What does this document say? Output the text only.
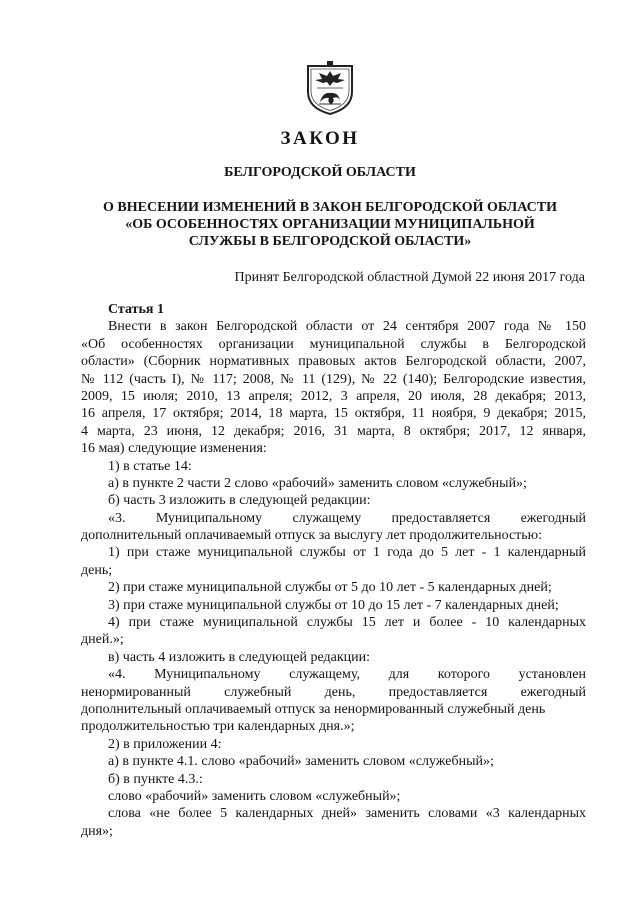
ЗАКОН
БЕЛГОРОДСКОЙ ОБЛАСТИ
О ВНЕСЕНИИ ИЗМЕНЕНИЙ В ЗАКОН БЕЛГОРОДСКОЙ ОБЛАСТИ
«ОБ ОСОБЕННОСТЯХ ОРГАНИЗАЦИИ МУНИЦИПАЛЬНОЙ
СЛУЖБЫ В БЕЛГОРОДСКОЙ ОБЛАСТИ»
Принят Белгородской областной Думой 22 июня 2017 года
Статья 1
Внести в закон Белгородской области от 24 сентября 2007 года № 150
«Об особенностях организации муниципальной службы в Белгородской
области» (Сборник нормативных правовых актов Белгородской области, 2007,
№ 112 (часть I), № 117; 2008, № 11 (129), № 22 (140); Белгородские известия,
2009, 15 июля; 2010, 13 апреля; 2012, 3 апреля, 20 июля, 28 декабря; 2013,
16 апреля, 17 октября; 2014, 18 марта, 15 октября, 11 ноября, 9 декабря; 2015,
4 марта, 23 июня, 12 декабря; 2016, 31 марта, 8 октября; 2017, 12 января,
16 мая) следующие изменения:
1) в статье 14:
а) в пункте 2 части 2 слово «рабочий» заменить словом «служебный»;
б) часть 3 изложить в следующей редакции:
«3. Муниципальному служащему предоставляется ежегодный
дополнительный оплачиваемый отпуск за выслугу лет продолжительностью:
1) при стаже муниципальной службы от 1 года до 5 лет - 1 календарный
день;
2) при стаже муниципальной службы от 5 до 10 лет - 5 календарных дней;
3) при стаже муниципальной службы от 10 до 15 лет - 7 календарных дней;
4) при стаже муниципальной службы 15 лет и более - 10 календарных
дней.»;
в) часть 4 изложить в следующей редакции:
«4. Муниципальному служащему, для которого установлен
ненормированный служебный день, предоставляется ежегодный
дополнительный оплачиваемый отпуск за ненормированный служебный день
продолжительностью три календарных дня.»;
2) в приложении 4:
а) в пункте 4.1. слово «рабочий» заменить словом «служебный»;
б) в пункте 4.3.:
слово «рабочий» заменить словом «служебный»;
слова «не более 5 календарных дней» заменить словами «3 календарных
дня»;
